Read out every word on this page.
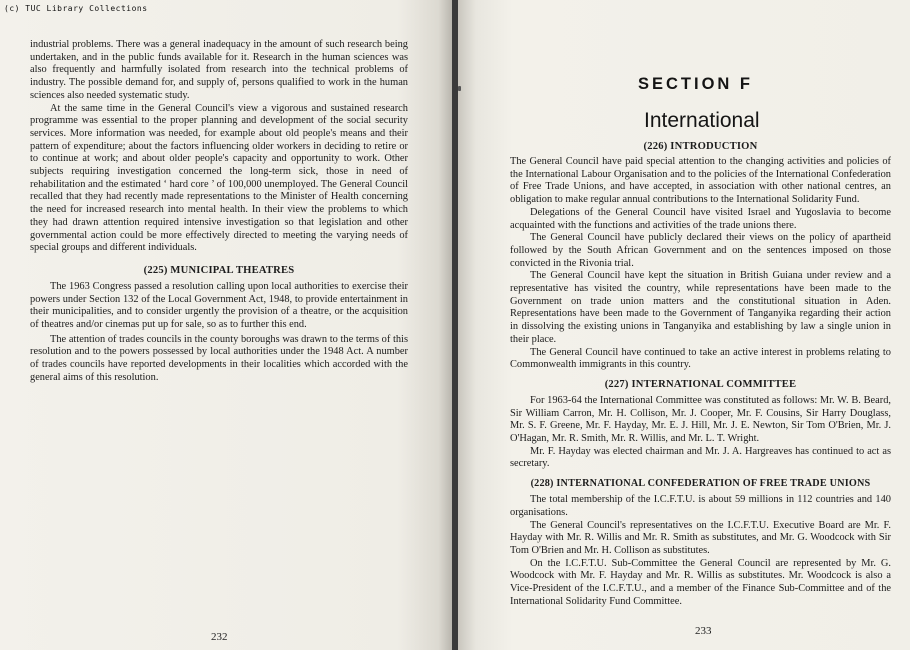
(c) TUC Library Collections

industrial problems. There was a general inadequacy in the amount of such research being undertaken, and in the public funds available for it. Research in the human sciences was also frequently and harmfully isolated from research into the technical problems of industry. The possible demand for, and supply of, persons qualified to work in the human sciences also needed systematic study.

At the same time in the General Council's view a vigorous and sustained research programme was essential to the proper planning and development of the social security services. More information was needed, for example about old people's means and their pattern of expenditure; about the factors influencing older workers in deciding to retire or to continue at work; and about older people's capacity and opportunity to work. Other subjects requiring investigation concerned the long-term sick, those in need of rehabilitation and the estimated ‘ hard core ’ of 100,000 unemployed. The General Council recalled that they had recently made representations to the Minister of Health concerning the need for increased research into mental health. In their view the problems to which they had drawn attention required intensive investigation so that legislation and other governmental action could be more effectively directed to meeting the varying needs of special groups and different individuals.

(225) MUNICIPAL THEATRES

The 1963 Congress passed a resolution calling upon local authorities to exercise their powers under Section 132 of the Local Government Act, 1948, to provide entertainment in their municipalities, and to consider urgently the provision of a theatre, or the acquisition of theatres and/or cinemas put up for sale, so as to further this end.

The attention of trades councils in the county boroughs was drawn to the terms of this resolution and to the powers possessed by local authorities under the 1948 Act. A number of trades councils have reported developments in their localities which accorded with the general aims of this resolution.

232
SECTION F
International
(226) INTRODUCTION

The General Council have paid special attention to the changing activities and policies of the International Labour Organisation and to the policies of the International Confederation of Free Trade Unions, and have accepted, in association with other national centres, an obligation to make regular annual contributions to the International Solidarity Fund.

Delegations of the General Council have visited Israel and Yugoslavia to become acquainted with the functions and activities of the trade unions there.

The General Council have publicly declared their views on the policy of apartheid followed by the South African Government and on the sentences imposed on those convicted in the Rivonia trial.

The General Council have kept the situation in British Guiana under review and a representative has visited the country, while representations have been made to the Government on trade union matters and the constitutional situation in Aden. Representations have been made to the Government of Tanganyika regarding their action in dissolving the existing unions in Tanganyika and establishing by law a single union in their place.

The General Council have continued to take an active interest in problems relating to Commonwealth immigrants in this country.

(227) INTERNATIONAL COMMITTEE

For 1963-64 the International Committee was constituted as follows: Mr. W. B. Beard, Sir William Carron, Mr. H. Collison, Mr. J. Cooper, Mr. F. Cousins, Sir Harry Douglass, Mr. S. F. Greene, Mr. F. Hayday, Mr. E. J. Hill, Mr. J. E. Newton, Sir Tom O'Brien, Mr. J. O'Hagan, Mr. R. Smith, Mr. R. Willis, and Mr. L. T. Wright.

Mr. F. Hayday was elected chairman and Mr. J. A. Hargreaves has continued to act as secretary.

(228) INTERNATIONAL CONFEDERATION OF FREE TRADE UNIONS

The total membership of the I.C.F.T.U. is about 59 millions in 112 countries and 140 organisations.

The General Council's representatives on the I.C.F.T.U. Executive Board are Mr. F. Hayday with Mr. R. Willis and Mr. R. Smith as substitutes, and Mr. G. Woodcock with Sir Tom O'Brien and Mr. H. Collison as substitutes.

On the I.C.F.T.U. Sub-Committee the General Council are represented by Mr. G. Woodcock with Mr. F. Hayday and Mr. R. Willis as substitutes. Mr. Woodcock is also a Vice-President of the I.C.F.T.U., and a member of the Finance Sub-Committee and of the International Solidarity Fund Committee.

233
